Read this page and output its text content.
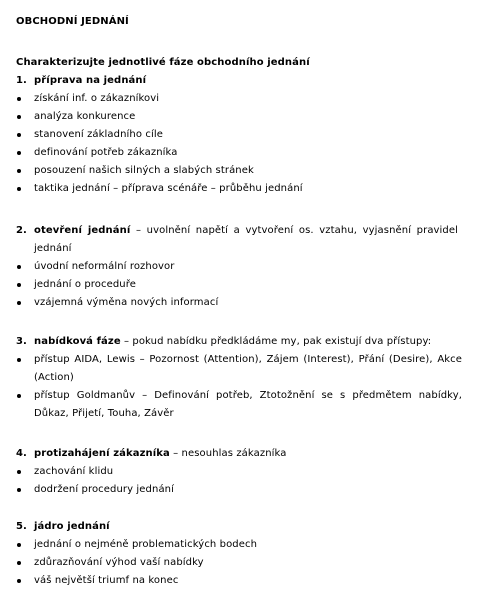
OBCHODNÍ JEDNÁNÍ
Charakterizujte jednotlivé fáze obchodního jednání
1. příprava na jednání
získání inf. o zákazníkovi
analýza konkurence
stanovení základního cíle
definování potřeb zákazníka
posouzení našich silných a slabých stránek
taktika jednání – příprava scénáře – průběhu jednání
2. otevření jednání – uvolnění napětí a vytvoření os. vztahu, vyjasnění pravidel jednání
úvodní neformální rozhovor
jednání o proceduře
vzájemná výměna nových informací
3. nabídková fáze – pokud nabídku předkládáme my, pak existují dva přístupy:
přístup AIDA, Lewis – Pozornost (Attention), Zájem (Interest), Přání (Desire), Akce (Action)
přístup Goldmanův – Definování potřeb, Ztotožnění se s předmětem nabídky, Důkaz, Přijetí, Touha, Závěr
4. protizahájení zákazníka – nesouhlas zákazníka
zachování klidu
dodržení procedury jednání
5. jádro jednání
jednání o nejméně problematických bodech
zdůrazňování výhod vaší nabídky
váš největší triumf na konec
